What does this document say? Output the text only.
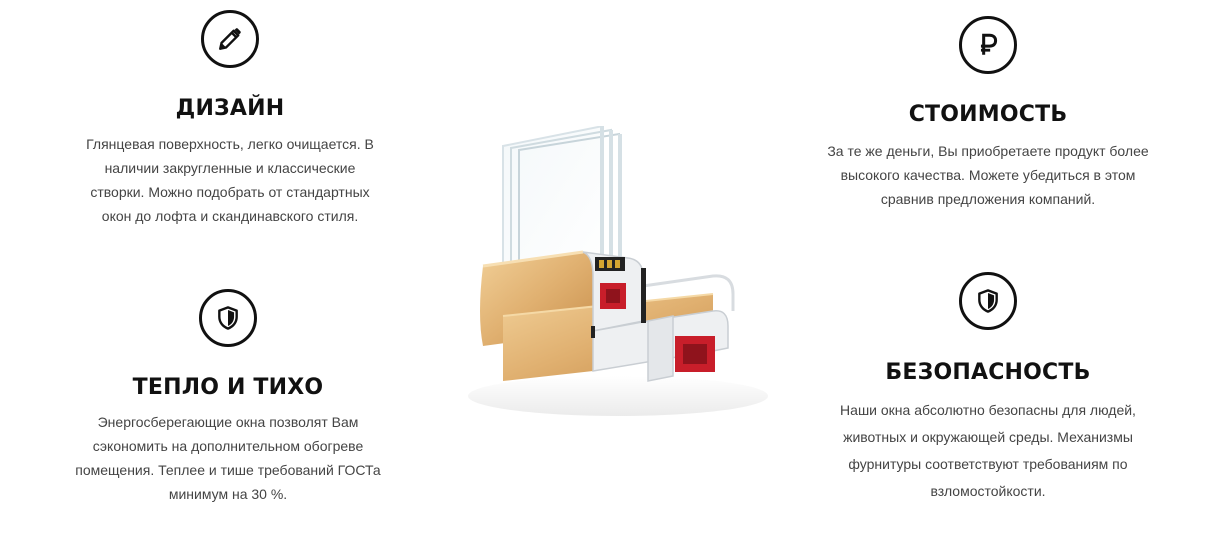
ДИЗАЙН

Глянцевая поверхность, легко очищается. В наличии закругленные и классические створки. Можно подобрать от стандартных окон до лофта и скандинавского стиля.

ТЕПЛО И ТИХО

Энергосберегающие окна позволят Вам сэкономить на дополнительном обогреве помещения. Теплее и тише требований ГОСТа минимум на 30 %.

СТОИМОСТЬ

За те же деньги, Вы приобретаете продукт более высокого качества. Можете убедиться в этом сравнив предложения компаний.

БЕЗОПАСНОСТЬ

Наши окна абсолютно безопасны для людей, животных и окружающей среды. Механизмы фурнитуры соответствуют требованиям по взломостойкости.
